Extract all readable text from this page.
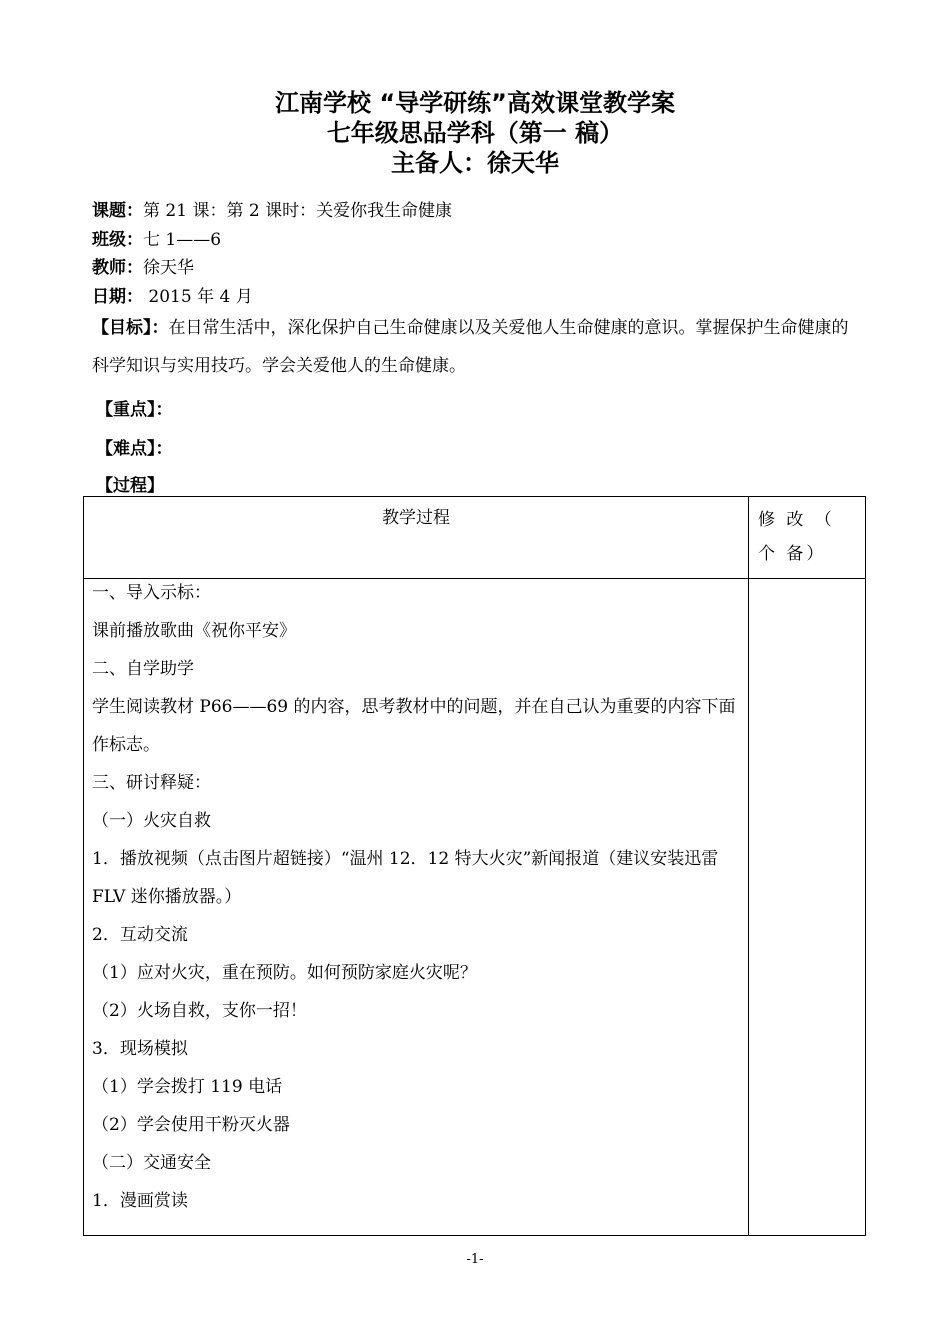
江南学校 “导学研练”高效课堂教学案
七年级思品学科（第一 稿）
主备人：徐天华
课题：第 21 课：第 2 课时：关爱你我生命健康
班级：七 1——6
教师：徐天华
日期： 2015 年 4 月
【目标】：在日常生活中，深化保护自己生命健康以及关爱他人生命健康的意识。掌握保护生命健康的科学知识与实用技巧。学会关爱他人的生命健康。
【重点】：
【难点】：
【过程】
教学过程	修 改 （ 个 备）
一、导入示标：
课前播放歌曲《祝你平安》
二、自学助学
学生阅读教材 P66——69 的内容，思考教材中的问题，并在自己认为重要的内容下面作标志。
三、研讨释疑：
（一）火灾自救
1．播放视频（点击图片超链接）“温州 12．12 特大火灾”新闻报道（建议安装迅雷 FLV 迷你播放器。）
2．互动交流
（1）应对火灾，重在预防。如何预防家庭火灾呢？
（2）火场自救，支你一招！
3．现场模拟
（1）学会拨打 119 电话
（2）学会使用干粉灭火器
（二）交通安全
1．漫画赏读
-1-
